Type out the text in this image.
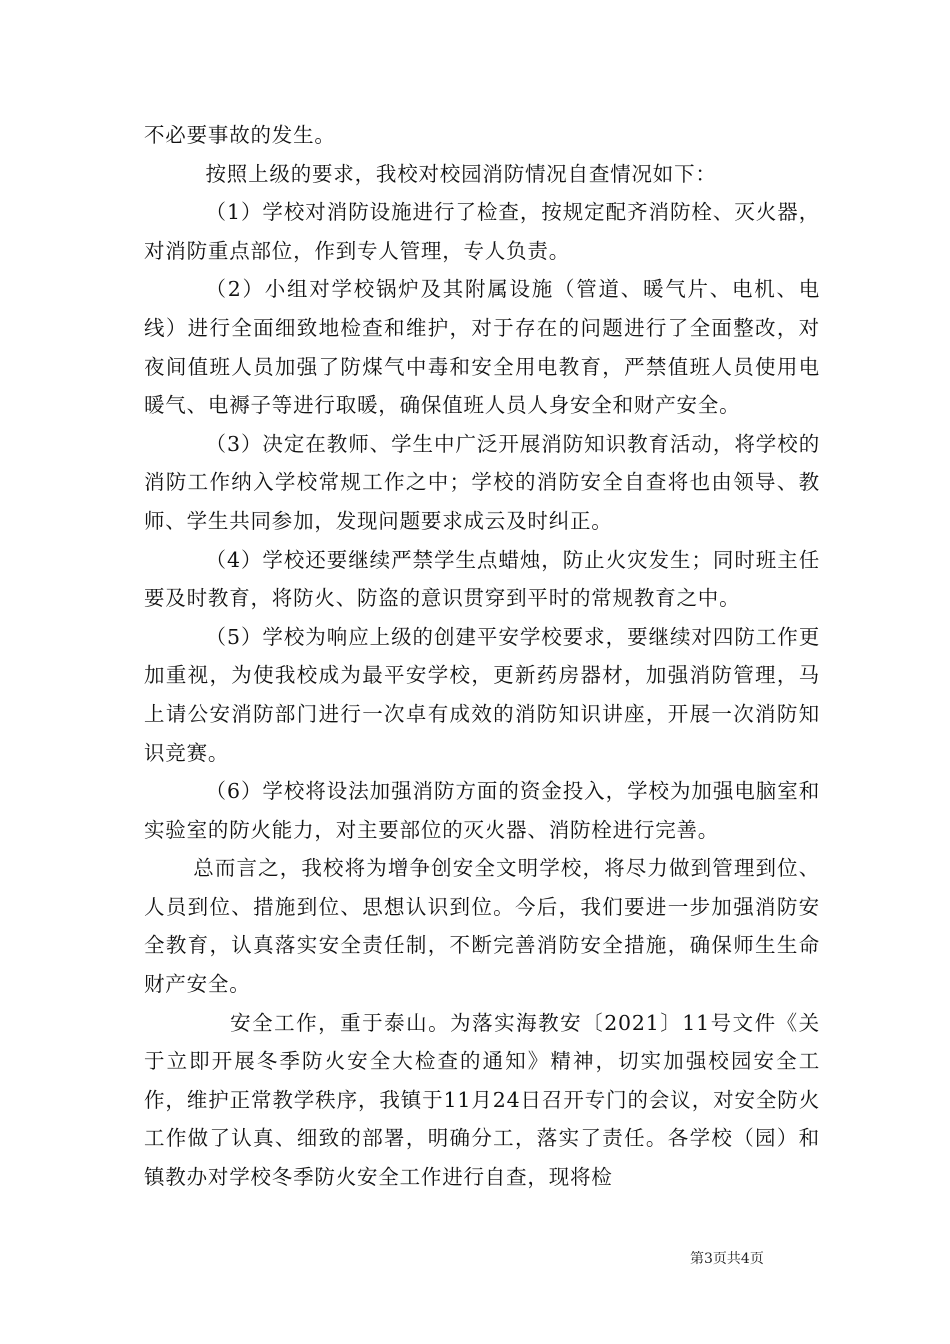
不必要事故的发生。

按照上级的要求，我校对校园消防情况自查情况如下：

（1）学校对消防设施进行了检查，按规定配齐消防栓、灭火器，对消防重点部位，作到专人管理，专人负责。

（2）小组对学校锅炉及其附属设施（管道、暖气片、电机、电线）进行全面细致地检查和维护，对于存在的问题进行了全面整改，对夜间值班人员加强了防煤气中毒和安全用电教育，严禁值班人员使用电暖气、电褥子等进行取暖，确保值班人员人身安全和财产安全。

（3）决定在教师、学生中广泛开展消防知识教育活动，将学校的消防工作纳入学校常规工作之中；学校的消防安全自查将也由领导、教师、学生共同参加，发现问题要求成云及时纠正。

（4）学校还要继续严禁学生点蜡烛，防止火灾发生；同时班主任要及时教育，将防火、防盗的意识贯穿到平时的常规教育之中。

（5）学校为响应上级的创建平安学校要求，要继续对四防工作更加重视，为使我校成为最平安学校，更新药房器材，加强消防管理，马上请公安消防部门进行一次卓有成效的消防知识讲座，开展一次消防知识竞赛。

（6）学校将设法加强消防方面的资金投入，学校为加强电脑室和实验室的防火能力，对主要部位的灭火器、消防栓进行完善。

总而言之，我校将为增争创安全文明学校，将尽力做到管理到位、人员到位、措施到位、思想认识到位。今后，我们要进一步加强消防安全教育，认真落实安全责任制，不断完善消防安全措施，确保师生生命财产安全。

安全工作，重于泰山。为落实海教安〔2021〕11号文件《关于立即开展冬季防火安全大检查的通知》精神，切实加强校园安全工作，维护正常教学秩序，我镇于11月24日召开专门的会议，对安全防火工作做了认真、细致的部署，明确分工，落实了责任。各学校（园）和镇教办对学校冬季防火安全工作进行自查，现将检

第3页共4页
